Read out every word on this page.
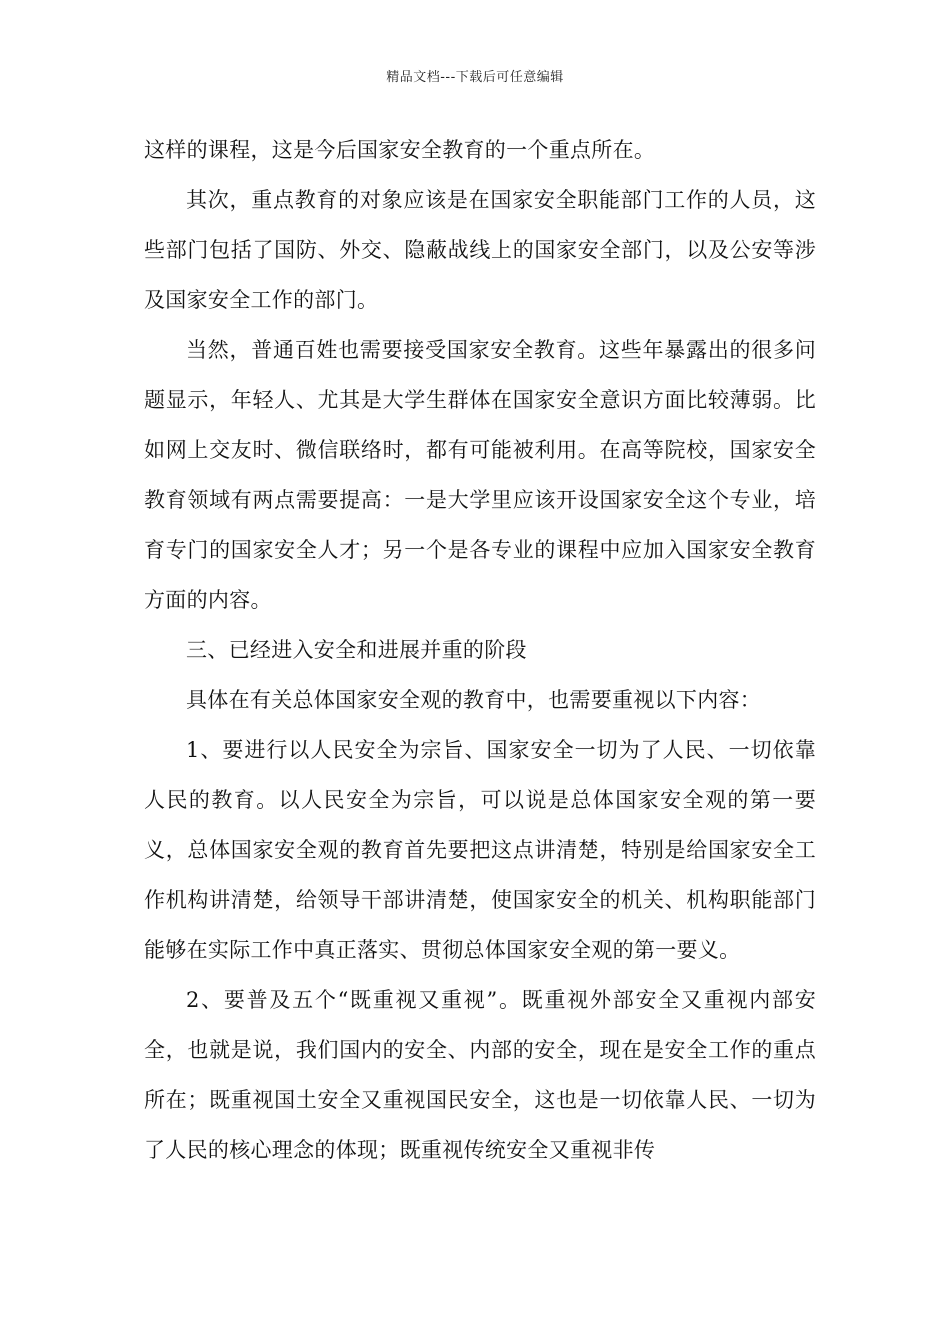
精品文档---下载后可任意编辑

这样的课程，这是今后国家安全教育的一个重点所在。

其次，重点教育的对象应该是在国家安全职能部门工作的人员，这些部门包括了国防、外交、隐蔽战线上的国家安全部门，以及公安等涉及国家安全工作的部门。

当然，普通百姓也需要接受国家安全教育。这些年暴露出的很多问题显示，年轻人、尤其是大学生群体在国家安全意识方面比较薄弱。比如网上交友时、微信联络时，都有可能被利用。在高等院校，国家安全教育领域有两点需要提高：一是大学里应该开设国家安全这个专业，培育专门的国家安全人才；另一个是各专业的课程中应加入国家安全教育方面的内容。

三、已经进入安全和进展并重的阶段

具体在有关总体国家安全观的教育中，也需要重视以下内容：

1、要进行以人民安全为宗旨、国家安全一切为了人民、一切依靠人民的教育。以人民安全为宗旨，可以说是总体国家安全观的第一要义，总体国家安全观的教育首先要把这点讲清楚，特别是给国家安全工作机构讲清楚，给领导干部讲清楚，使国家安全的机关、机构职能部门能够在实际工作中真正落实、贯彻总体国家安全观的第一要义。

2、要普及五个“既重视又重视”。既重视外部安全又重视内部安全，也就是说，我们国内的安全、内部的安全，现在是安全工作的重点所在；既重视国土安全又重视国民安全，这也是一切依靠人民、一切为了人民的核心理念的体现；既重视传统安全又重视非传
